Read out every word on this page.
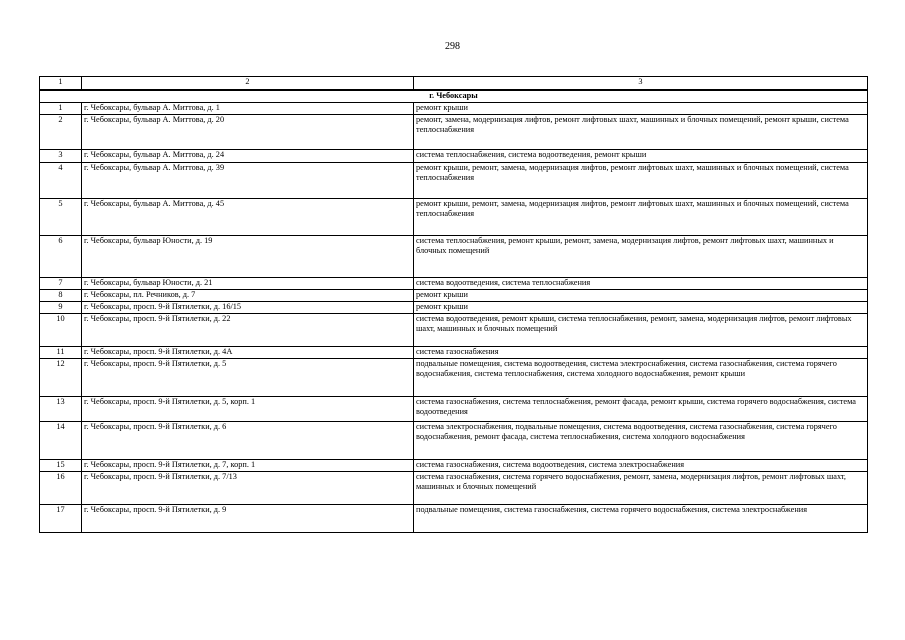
298
1	2	3
г. Чебоксары		
1	г. Чебоксары, бульвар А. Миттова, д. 1	ремонт крыши
2	г. Чебоксары, бульвар А. Миттова, д. 20	ремонт, замена, модернизация лифтов, ремонт лифтовых шахт, машинных и блочных помещений, ремонт крыши, система теплоснабжения
3	г. Чебоксары, бульвар А. Миттова, д. 24	система теплоснабжения, система водоотведения, ремонт крыши
4	г. Чебоксары, бульвар А. Миттова, д. 39	ремонт крыши, ремонт, замена, модернизация лифтов, ремонт лифтовых шахт, машинных и блочных помещений, система теплоснабжения
5	г. Чебоксары, бульвар А. Миттова, д. 45	ремонт крыши, ремонт, замена, модернизация лифтов, ремонт лифтовых шахт, машинных и блочных помещений, система теплоснабжения
6	г. Чебоксары, бульвар Юности, д. 19	система теплоснабжения, ремонт крыши, ремонт, замена, модернизация лифтов, ремонт лифтовых шахт, машинных и блочных помещений
7	г. Чебоксары, бульвар Юности, д. 21	система водоотведения, система теплоснабжения
8	г. Чебоксары, пл. Речников, д. 7	ремонт крыши
9	г. Чебоксары, просп. 9-й Пятилетки, д. 16/15	ремонт крыши
10	г. Чебоксары, просп. 9-й Пятилетки, д. 22	система водоотведения, ремонт крыши, система теплоснабжения, ремонт, замена, модернизация лифтов, ремонт лифтовых шахт, машинных и блочных помещений
11	г. Чебоксары, просп. 9-й Пятилетки, д. 4А	система газоснабжения
12	г. Чебоксары, просп. 9-й Пятилетки, д. 5	подвальные помещения, система водоотведения, система электроснабжения, система газоснабжения, система горячего водоснабжения, система теплоснабжения, система холодного водоснабжения, ремонт крыши
13	г. Чебоксары, просп. 9-й Пятилетки, д. 5, корп. 1	система газоснабжения, система теплоснабжения, ремонт фасада, ремонт крыши, система горячего водоснабжения, система водоотведения
14	г. Чебоксары, просп. 9-й Пятилетки, д. 6	система электроснабжения, подвальные помещения, система водоотведения, система газоснабжения, система горячего водоснабжения, ремонт фасада, система теплоснабжения, система холодного водоснабжения
15	г. Чебоксары, просп. 9-й Пятилетки, д. 7, корп. 1	система газоснабжения, система водоотведения, система электроснабжения
16	г. Чебоксары, просп. 9-й Пятилетки, д. 7/13	система газоснабжения, система горячего водоснабжения, ремонт, замена, модернизация лифтов, ремонт лифтовых шахт, машинных и блочных помещений
17	г. Чебоксары, просп. 9-й Пятилетки, д. 9	подвальные помещения, система газоснабжения, система горячего водоснабжения, система электроснабжения
